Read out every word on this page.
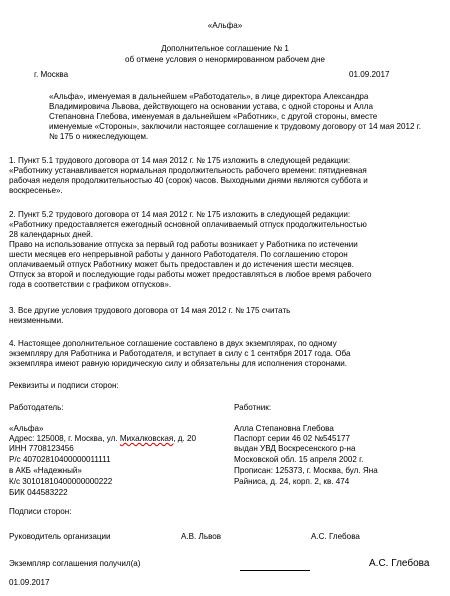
«Альфа»
Дополнительное соглашение № 1
об отмене условия о ненормированном рабочем дне
г. Москва	01.09.2017
«Альфа», именуемая в дальнейшем «Работодатель», в лице директора Александра
Владимировича Львова, действующего на основании устава, с одной стороны и Алла
Степановна Глебова, именуемая в дальнейшем «Работник», с другой стороны, вместе
именуемые «Стороны», заключили настоящее соглашение к трудовому договору от 14 мая 2012 г.
№ 175 о нижеследующем.
1. Пункт 5.1 трудового договора от 14 мая 2012 г. № 175 изложить в следующей редакции:
«Работнику устанавливается нормальная продолжительность рабочего времени: пятидневная
рабочая неделя продолжительностью 40 (сорок) часов. Выходными днями являются суббота и
воскресенье».
2. Пункт 5.2 трудового договора от 14 мая 2012 г. № 175 изложить в следующей редакции:
«Работнику предоставляется ежегодный основной оплачиваемый отпуск продолжительностью
28 календарных дней.
Право на использование отпуска за первый год работы возникает у Работника по истечении
шести месяцев его непрерывной работы у данного Работодателя. По соглашению сторон
оплачиваемый отпуск Работнику может быть предоставлен и до истечения шести месяцев.
Отпуск за второй и последующие годы работы может предоставляться в любое время рабочего
года в соответствии с графиком отпусков».
3. Все другие условия трудового договора от 14 мая 2012 г. № 175 считать
неизменными.
4. Настоящее дополнительное соглашение составлено в двух экземплярах, по одному
экземпляру для Работника и Работодателя, и вступает в силу с 1 сентября 2017 года. Оба
экземпляра имеют равную юридическую силу и обязательны для исполнения сторонами.
Реквизиты и подписи сторон:
Работодатель:
«Альфа»
Адрес: 125008, г. Москва, ул. Михалковская, д. 20
ИНН 7708123456
Р/с 40702810400000011111
в АКБ «Надежный»
К/с 30101810400000000222
БИК 044583222
Работник:
Алла Степановна Глебова
Паспорт серии 46 02 №545177
выдан УВД Воскресенского р-на
Московской обл. 15 апреля 2002 г.
Прописан: 125373, г. Москва, бул. Яна
Райниса, д. 24, корп. 2, кв. 474
Подписи сторон:
Руководитель организации	А.В. Львов	А.С. Глебова
Экземпляр соглашения получил(а)	А.С. Глебова
01.09.2017
